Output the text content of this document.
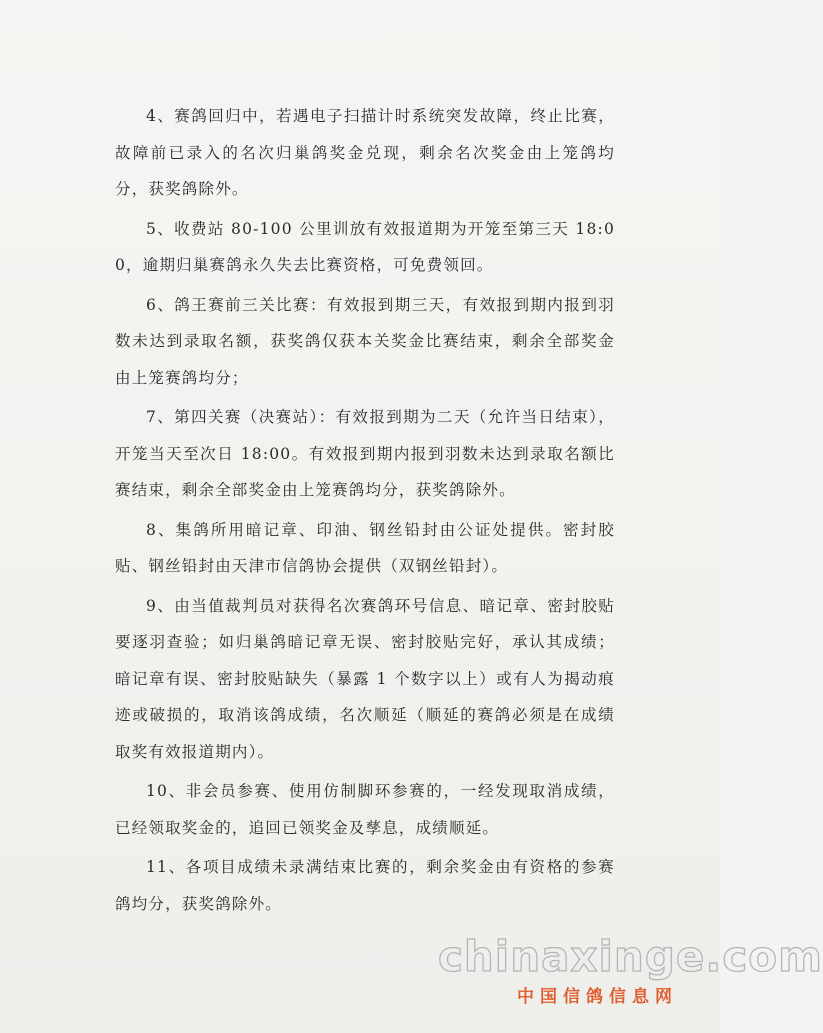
4、赛鸽回归中，若遇电子扫描计时系统突发故障，终止比赛，故障前已录入的名次归巢鸽奖金兑现，剩余名次奖金由上笼鸽均分，获奖鸽除外。

5、收费站 80-100 公里训放有效报道期为开笼至第三天 18:00，逾期归巢赛鸽永久失去比赛资格，可免费领回。

6、鸽王赛前三关比赛：有效报到期三天，有效报到期内报到羽数未达到录取名额，获奖鸽仅获本关奖金比赛结束，剩余全部奖金由上笼赛鸽均分；

7、第四关赛（决赛站）：有效报到期为二天（允许当日结束），开笼当天至次日 18:00。有效报到期内报到羽数未达到录取名额比赛结束，剩余全部奖金由上笼赛鸽均分，获奖鸽除外。

8、集鸽所用暗记章、印油、钢丝铅封由公证处提供。密封胶贴、钢丝铅封由天津市信鸽协会提供（双钢丝铅封）。

9、由当值裁判员对获得名次赛鸽环号信息、暗记章、密封胶贴要逐羽查验；如归巢鸽暗记章无误、密封胶贴完好，承认其成绩；暗记章有误、密封胶贴缺失（暴露 1 个数字以上）或有人为揭动痕迹或破损的，取消该鸽成绩，名次顺延（顺延的赛鸽必须是在成绩取奖有效报道期内）。

10、非会员参赛、使用仿制脚环参赛的，一经发现取消成绩，已经领取奖金的，追回已领奖金及孳息，成绩顺延。

11、各项目成绩未录满结束比赛的，剩余奖金由有资格的参赛鸽均分，获奖鸽除外。

chinaxinge.com
中国信鸽信息网
